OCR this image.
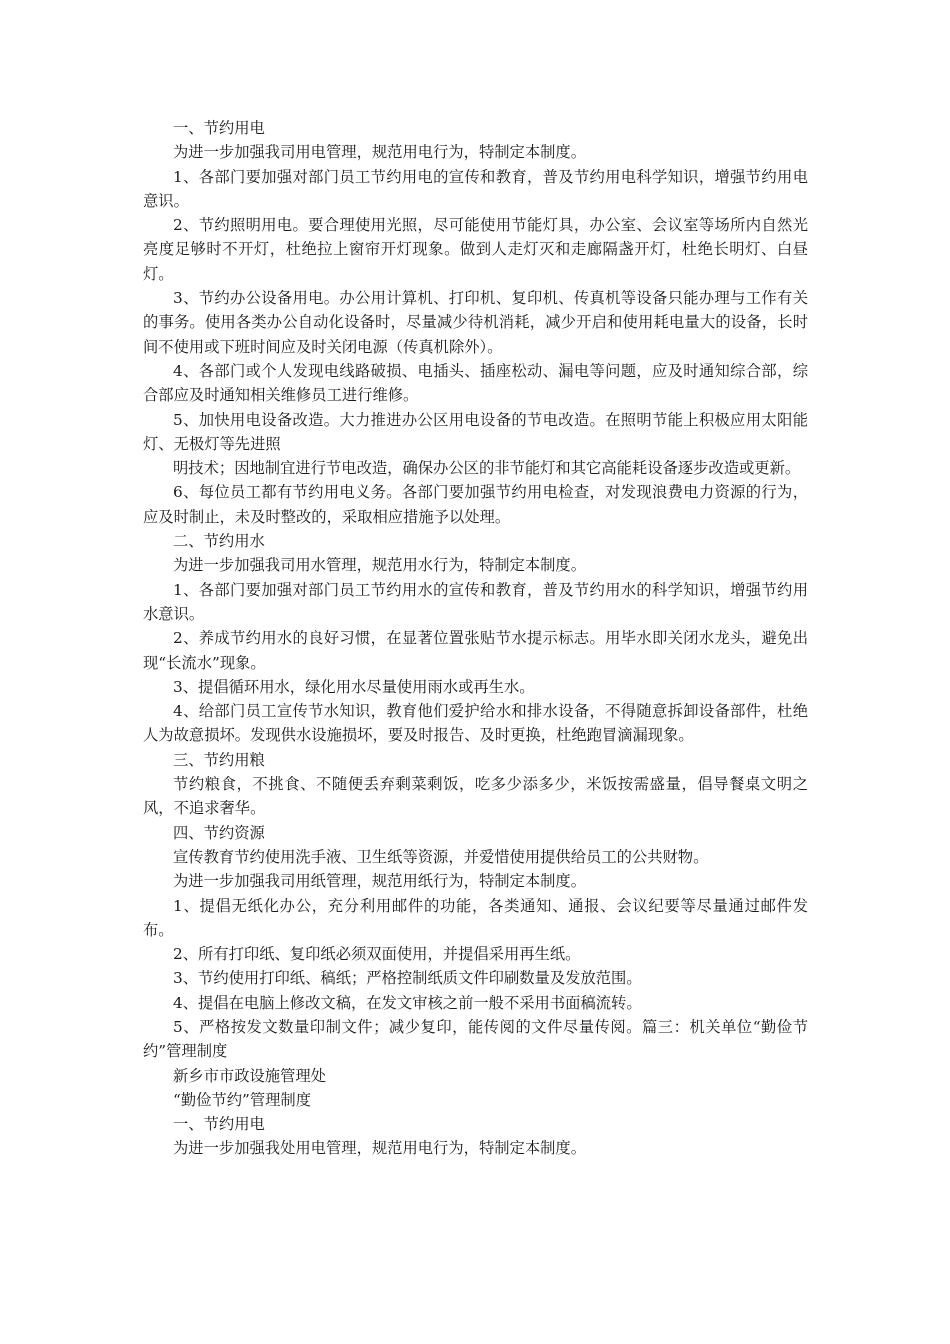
一、节约用电

为进一步加强我司用电管理，规范用电行为，特制定本制度。

1、各部门要加强对部门员工节约用电的宣传和教育，普及节约用电科学知识，增强节约用电意识。

2、节约照明用电。要合理使用光照，尽可能使用节能灯具，办公室、会议室等场所内自然光亮度足够时不开灯，杜绝拉上窗帘开灯现象。做到人走灯灭和走廊隔盏开灯，杜绝长明灯、白昼灯。

3、节约办公设备用电。办公用计算机、打印机、复印机、传真机等设备只能办理与工作有关的事务。使用各类办公自动化设备时，尽量减少待机消耗，减少开启和使用耗电量大的设备，长时间不使用或下班时间应及时关闭电源（传真机除外）。

4、各部门或个人发现电线路破损、电插头、插座松动、漏电等问题，应及时通知综合部，综合部应及时通知相关维修员工进行维修。

5、加快用电设备改造。大力推进办公区用电设备的节电改造。在照明节能上积极应用太阳能灯、无极灯等先进照

明技术；因地制宜进行节电改造，确保办公区的非节能灯和其它高能耗设备逐步改造或更新。

6、每位员工都有节约用电义务。各部门要加强节约用电检查，对发现浪费电力资源的行为，应及时制止，未及时整改的，采取相应措施予以处理。

二、节约用水

为进一步加强我司用水管理，规范用水行为，特制定本制度。

1、各部门要加强对部门员工节约用水的宣传和教育，普及节约用水的科学知识，增强节约用水意识。

2、养成节约用水的良好习惯，在显著位置张贴节水提示标志。用毕水即关闭水龙头，避免出现“长流水”现象。

3、提倡循环用水，绿化用水尽量使用雨水或再生水。

4、给部门员工宣传节水知识，教育他们爱护给水和排水设备，不得随意拆卸设备部件，杜绝人为故意损坏。发现供水设施损坏，要及时报告、及时更换，杜绝跑冒滴漏现象。

三、节约用粮

节约粮食，不挑食、不随便丢弃剩菜剩饭，吃多少添多少，米饭按需盛量，倡导餐桌文明之风，不追求奢华。

四、节约资源

宣传教育节约使用洗手液、卫生纸等资源，并爱惜使用提供给员工的公共财物。

为进一步加强我司用纸管理，规范用纸行为，特制定本制度。

1、提倡无纸化办公，充分利用邮件的功能，各类通知、通报、会议纪要等尽量通过邮件发布。

2、所有打印纸、复印纸必须双面使用，并提倡采用再生纸。

3、节约使用打印纸、稿纸；严格控制纸质文件印刷数量及发放范围。

4、提倡在电脑上修改文稿，在发文审核之前一般不采用书面稿流转。

5、严格按发文数量印制文件；减少复印，能传阅的文件尽量传阅。篇三：机关单位“勤俭节约”管理制度

新乡市市政设施管理处

“勤俭节约”管理制度

一、节约用电

为进一步加强我处用电管理，规范用电行为，特制定本制度。
